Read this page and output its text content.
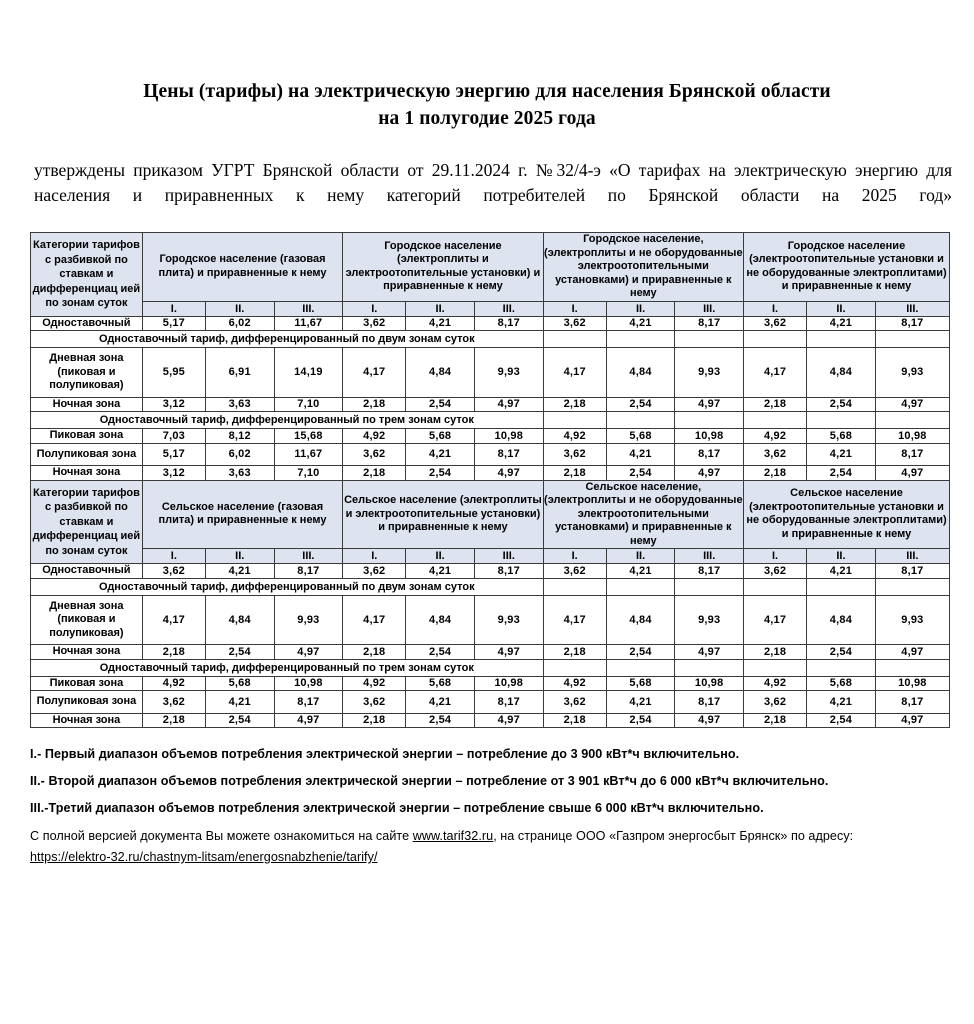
Цены (тарифы) на электрическую энергию для населения Брянской области
на 1 полугодие 2025 года

утверждены приказом УГРТ Брянской области от 29.11.2024 г. №32/4-э «О тарифах на электрическую энергию для населения и приравненных к нему категорий потребителей по Брянской области на 2025 год»

Категории тарифов с разбивкой по ставкам и дифференциац ией по зонам суток	Городское население (газовая плита) и приравненные к нему			Городское население (электроплиты и электроотопительные установки) и приравненные к нему			Городское население, (электроплиты и не оборудованные электроотопительными установками) и приравненные к нему			Городское население (электроотопительные установки и не оборудованные электроплитами) и приравненные к нему		
	I.	II.	III.	I.	II.	III.	I.	II.	III.	I.	II.	III.
Одноставочный	5,17	6,02	11,67	3,62	4,21	8,17	3,62	4,21	8,17	3,62	4,21	8,17
Одноставочный тариф, дифференцированный по двум зонам суток												
Дневная зона (пиковая и полупиковая)	5,95	6,91	14,19	4,17	4,84	9,93	4,17	4,84	9,93	4,17	4,84	9,93
Ночная зона	3,12	3,63	7,10	2,18	2,54	4,97	2,18	2,54	4,97	2,18	2,54	4,97
Одноставочный тариф, дифференцированный по трем зонам суток												
Пиковая зона	7,03	8,12	15,68	4,92	5,68	10,98	4,92	5,68	10,98	4,92	5,68	10,98
Полупиковая зона	5,17	6,02	11,67	3,62	4,21	8,17	3,62	4,21	8,17	3,62	4,21	8,17
Ночная зона	3,12	3,63	7,10	2,18	2,54	4,97	2,18	2,54	4,97	2,18	2,54	4,97
Категории тарифов с разбивкой по ставкам и дифференциац ией по зонам суток	Сельское население (газовая плита) и приравненные к нему			Сельское население (электроплиты и электроотопительные установки) и приравненные к нему			Сельское население, (электроплиты и не оборудованные электроотопительными установками) и приравненные к нему			Сельское население (электроотопительные установки и не оборудованные электроплитами) и приравненные к нему		
	I.	II.	III.	I.	II.	III.	I.	II.	III.	I.	II.	III.
Одноставочный	3,62	4,21	8,17	3,62	4,21	8,17	3,62	4,21	8,17	3,62	4,21	8,17
Одноставочный тариф, дифференцированный по двум зонам суток												
Дневная зона (пиковая и полупиковая)	4,17	4,84	9,93	4,17	4,84	9,93	4,17	4,84	9,93	4,17	4,84	9,93
Ночная зона	2,18	2,54	4,97	2,18	2,54	4,97	2,18	2,54	4,97	2,18	2,54	4,97
Одноставочный тариф, дифференцированный по трем зонам суток												
Пиковая зона	4,92	5,68	10,98	4,92	5,68	10,98	4,92	5,68	10,98	4,92	5,68	10,98
Полупиковая зона	3,62	4,21	8,17	3,62	4,21	8,17	3,62	4,21	8,17	3,62	4,21	8,17
Ночная зона	2,18	2,54	4,97	2,18	2,54	4,97	2,18	2,54	4,97	2,18	2,54	4,97

I.- Первый диапазон объемов потребления электрической энергии – потребление до 3 900 кВт*ч включительно.

II.- Второй диапазон объемов потребления электрической энергии – потребление от 3 901 кВт*ч до 6 000 кВт*ч включительно.

III.-Третий диапазон объемов потребления электрической энергии – потребление свыше 6 000 кВт*ч включительно.

С полной версией документа Вы можете ознакомиться на сайте www.tarif32.ru, на странице ООО «Газпром энергосбыт Брянск» по адресу:

https://elektro-32.ru/chastnym-litsam/energosnabzhenie/tarify/
